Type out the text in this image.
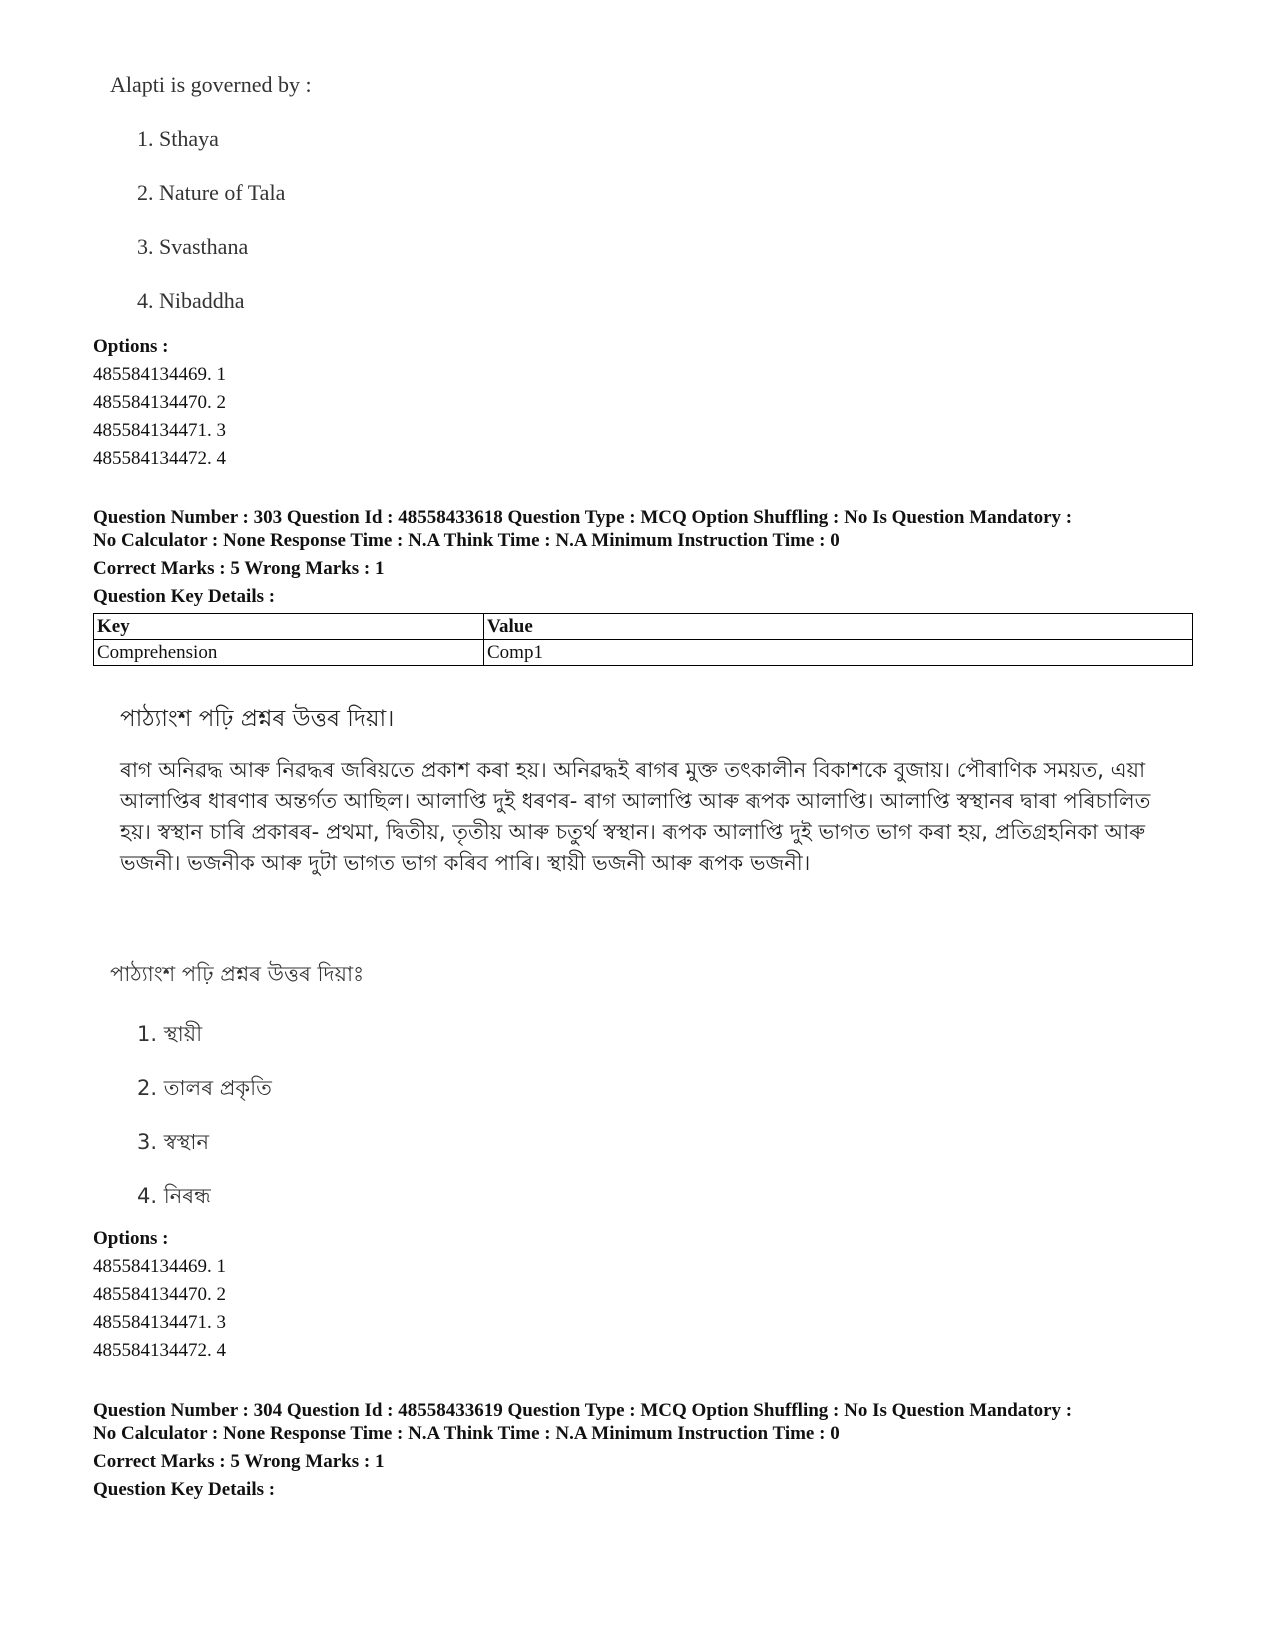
Alapti is governed by :

1. Sthaya
2. Nature of Tala
3. Svasthana
4. Nibaddha
Options :
485584134469. 1
485584134470. 2
485584134471. 3
485584134472. 4

Question Number : 303 Question Id : 48558433618 Question Type : MCQ Option Shuffling : No Is Question Mandatory :

No Calculator : None Response Time : N.A Think Time : N.A Minimum Instruction Time : 0

Correct Marks : 5 Wrong Marks : 1

Question Key Details :

Key	Value
Comprehension	Comp1

পাঠ্যাংশ পঢ়ি প্ৰশ্নৰ উত্তৰ দিয়া।

ৰাগ অনিৱদ্ধ আৰু নিৱদ্ধৰ জৰিয়তে প্ৰকাশ কৰা হয়। অনিৱদ্ধই ৰাগৰ মুক্ত তৎকালীন বিকাশকে বুজায়। পৌৰাণিক সময়ত, এয়া আলাপ্তিৰ ধাৰণাৰ অন্তৰ্গত আছিল। আলাপ্তি দুই ধৰণৰ- ৰাগ আলাপ্তি আৰু ৰূপক আলাপ্তি। আলাপ্তি স্বস্থানৰ দ্বাৰা পৰিচালিত হয়। স্বস্থান চাৰি প্ৰকাৰৰ- প্ৰথমা, দ্বিতীয়, তৃতীয় আৰু চতুৰ্থ স্বস্থান। ৰূপক আলাপ্তি দুই ভাগত ভাগ কৰা হয়, প্ৰতিগ্ৰহনিকা আৰু ভজনী। ভজনীক আৰু দুটা ভাগত ভাগ কৰিব পাৰি। স্থায়ী ভজনী আৰু ৰূপক ভজনী।

পাঠ্যাংশ পঢ়ি প্ৰশ্নৰ উত্তৰ দিয়াঃ

1. স্থায়ী
2. তালৰ প্ৰকৃতি
3. স্বস্থান
4. নিৰন্ধ
Options :
485584134469. 1
485584134470. 2
485584134471. 3
485584134472. 4

Question Number : 304 Question Id : 48558433619 Question Type : MCQ Option Shuffling : No Is Question Mandatory :

No Calculator : None Response Time : N.A Think Time : N.A Minimum Instruction Time : 0

Correct Marks : 5 Wrong Marks : 1

Question Key Details :
